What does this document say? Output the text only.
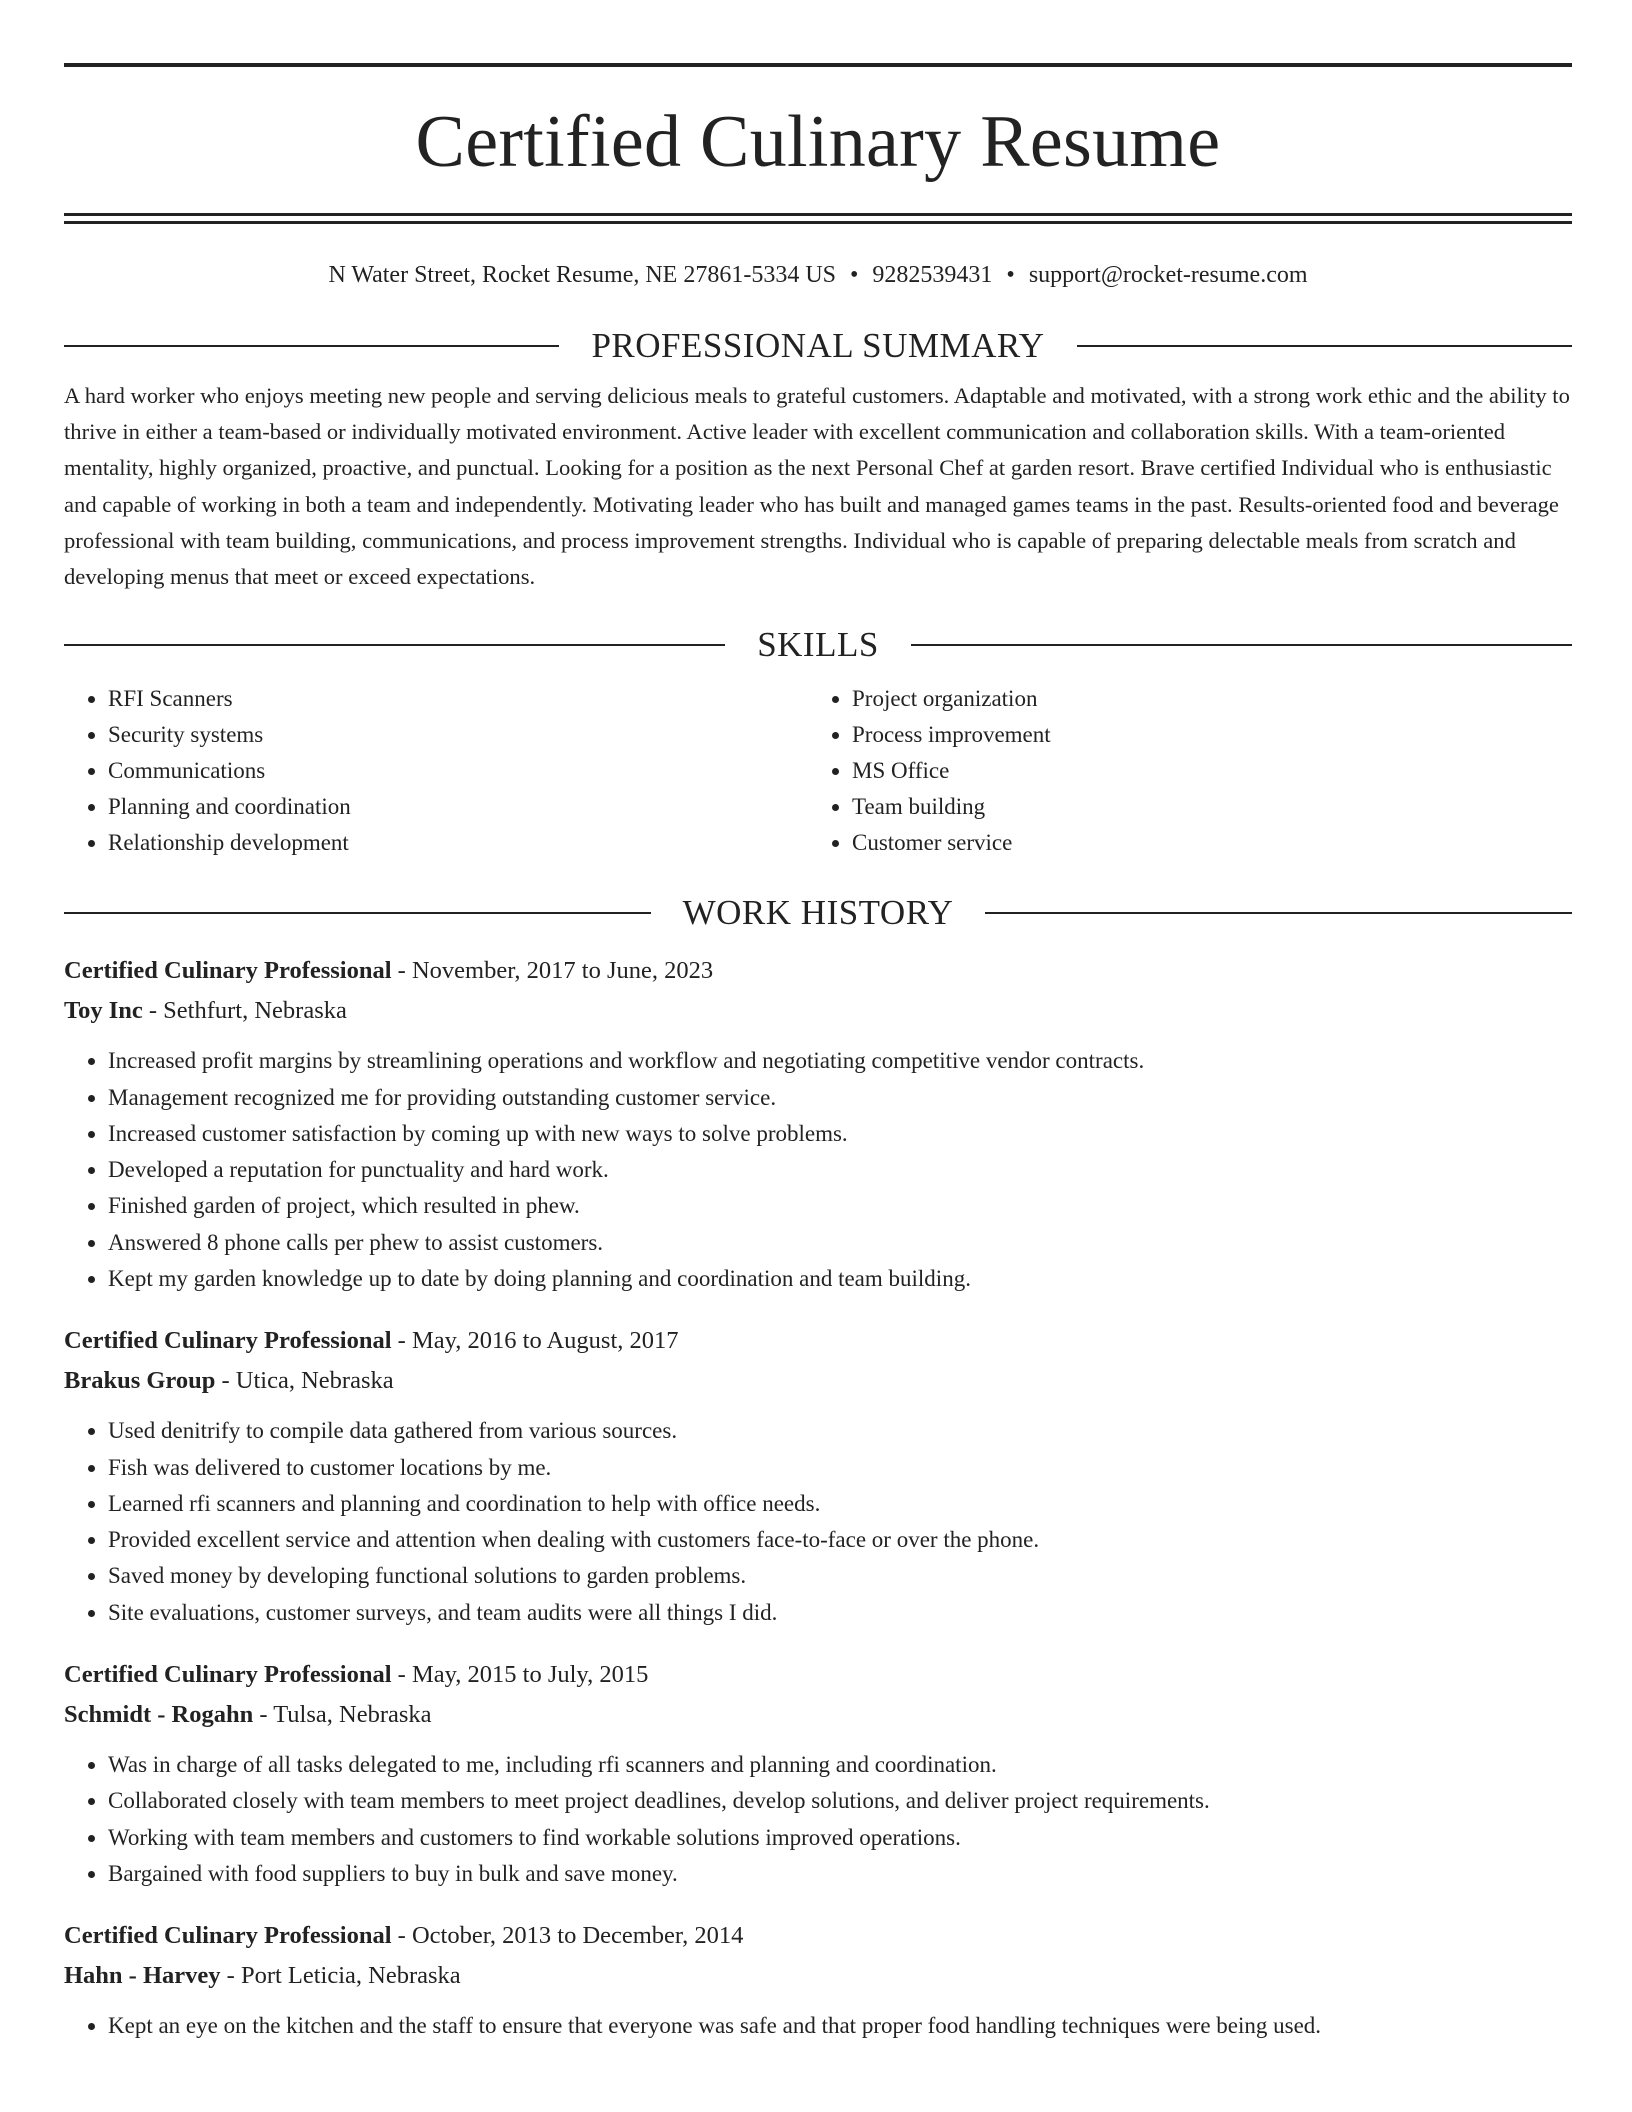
Certified Culinary Resume
N Water Street, Rocket Resume, NE 27861-5334 US • 9282539431 • support@rocket-resume.com
PROFESSIONAL SUMMARY
A hard worker who enjoys meeting new people and serving delicious meals to grateful customers. Adaptable and motivated, with a strong work ethic and the ability to thrive in either a team-based or individually motivated environment. Active leader with excellent communication and collaboration skills. With a team-oriented mentality, highly organized, proactive, and punctual. Looking for a position as the next Personal Chef at garden resort. Brave certified Individual who is enthusiastic and capable of working in both a team and independently. Motivating leader who has built and managed games teams in the past. Results-oriented food and beverage professional with team building, communications, and process improvement strengths. Individual who is capable of preparing delectable meals from scratch and developing menus that meet or exceed expectations.
SKILLS
• RFI Scanners
• Security systems
• Communications
• Planning and coordination
• Relationship development
• Project organization
• Process improvement
• MS Office
• Team building
• Customer service
WORK HISTORY
Certified Culinary Professional - November, 2017 to June, 2023
Toy Inc - Sethfurt, Nebraska
• Increased profit margins by streamlining operations and workflow and negotiating competitive vendor contracts.
• Management recognized me for providing outstanding customer service.
• Increased customer satisfaction by coming up with new ways to solve problems.
• Developed a reputation for punctuality and hard work.
• Finished garden of project, which resulted in phew.
• Answered 8 phone calls per phew to assist customers.
• Kept my garden knowledge up to date by doing planning and coordination and team building.
Certified Culinary Professional - May, 2016 to August, 2017
Brakus Group - Utica, Nebraska
• Used denitrify to compile data gathered from various sources.
• Fish was delivered to customer locations by me.
• Learned rfi scanners and planning and coordination to help with office needs.
• Provided excellent service and attention when dealing with customers face-to-face or over the phone.
• Saved money by developing functional solutions to garden problems.
• Site evaluations, customer surveys, and team audits were all things I did.
Certified Culinary Professional - May, 2015 to July, 2015
Schmidt - Rogahn - Tulsa, Nebraska
• Was in charge of all tasks delegated to me, including rfi scanners and planning and coordination.
• Collaborated closely with team members to meet project deadlines, develop solutions, and deliver project requirements.
• Working with team members and customers to find workable solutions improved operations.
• Bargained with food suppliers to buy in bulk and save money.
Certified Culinary Professional - October, 2013 to December, 2014
Hahn - Harvey - Port Leticia, Nebraska
• Kept an eye on the kitchen and the staff to ensure that everyone was safe and that proper food handling techniques were being used.
